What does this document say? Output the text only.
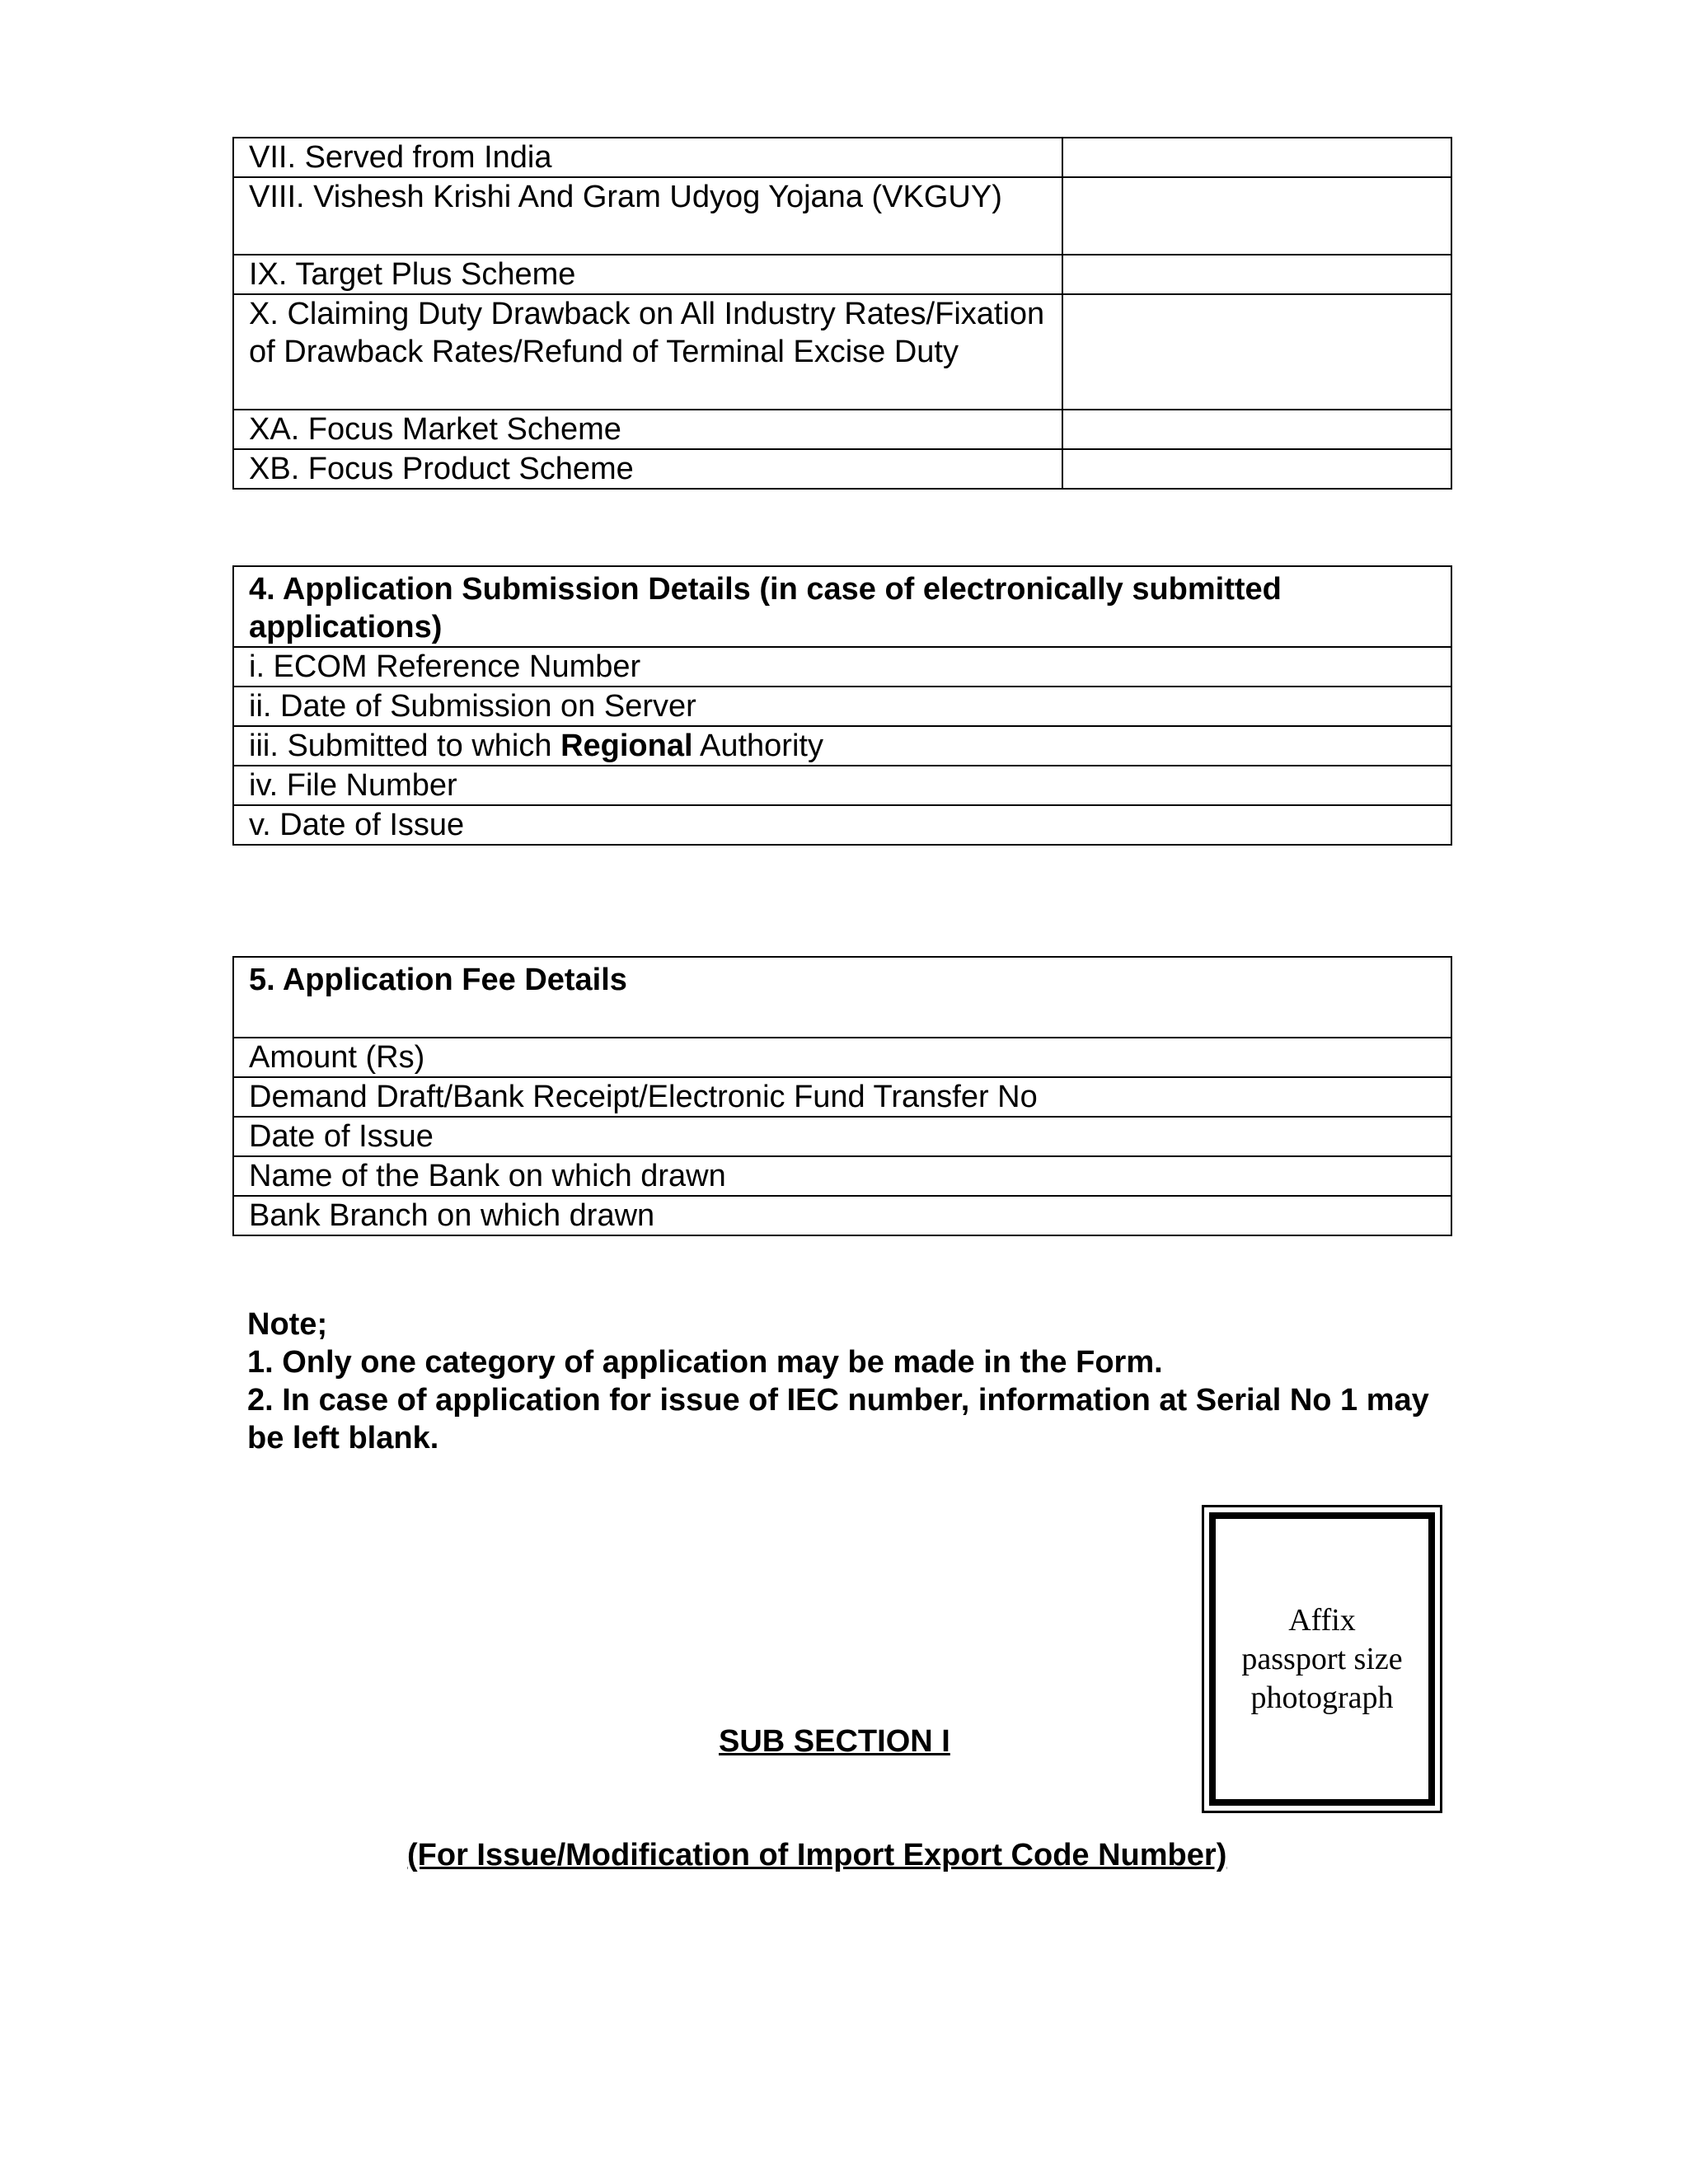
VII. Served from India	
VIII. Vishesh Krishi And Gram Udyog Yojana (VKGUY)	
IX. Target Plus Scheme	
X. Claiming Duty Drawback on All Industry Rates/Fixation of Drawback Rates/Refund of Terminal Excise Duty	
XA. Focus Market Scheme	
XB. Focus Product Scheme	
4. Application Submission Details (in case of electronically submitted applications)
i. ECOM Reference Number
ii. Date of Submission on Server
iii. Submitted to which Regional Authority
iv. File Number
v. Date of Issue
5. Application Fee Details
Amount (Rs)
Demand Draft/Bank Receipt/Electronic Fund Transfer No
Date of Issue
Name of the Bank on which drawn
Bank Branch on which drawn
Note;
1. Only one category of application may be made in the Form.
2. In case of application for issue of IEC number, information at Serial No 1 may be left blank.
Affix
passport size
photograph
SUB SECTION I
(For Issue/Modification of Import Export Code Number)
